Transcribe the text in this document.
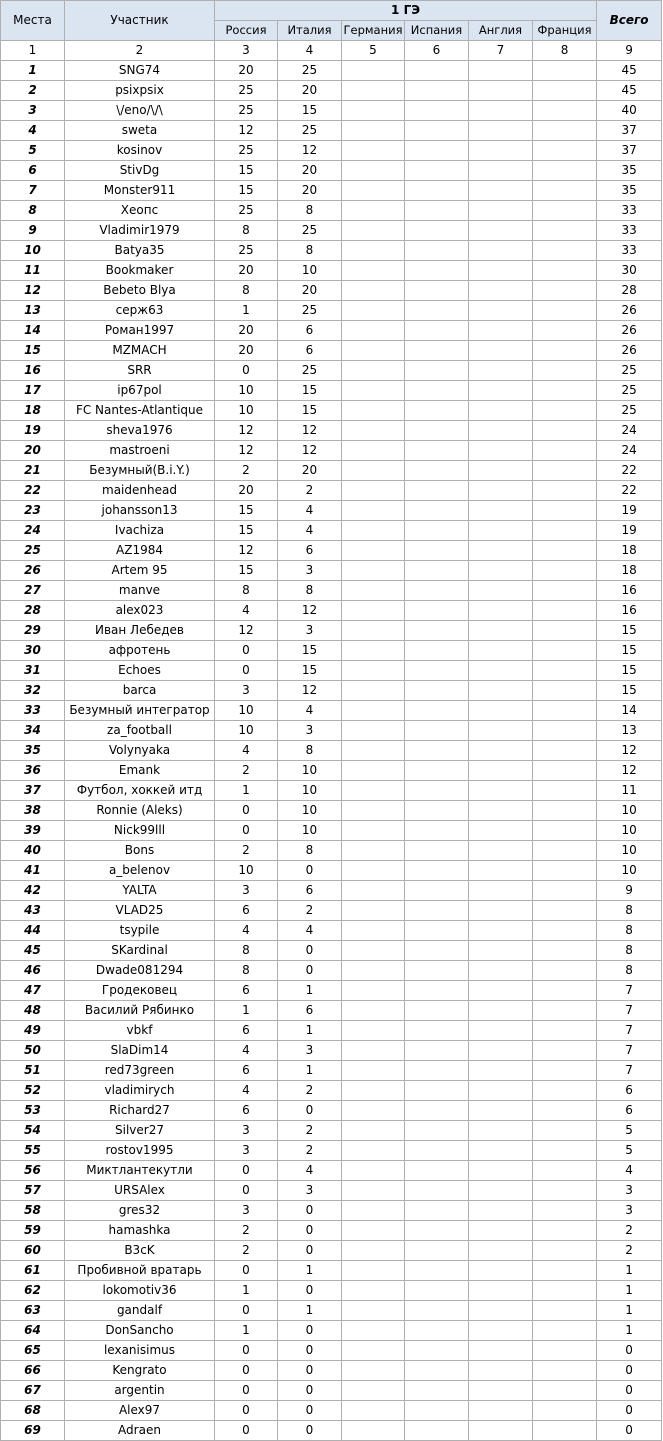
Места	Участник	1 ГЭ						Всего
		Россия	Италия	Германия	Испания	Англия	Франция	
1	2	3	4	5	6	7	8	9
1	SNG74	20	25					45
2	psixpsix	25	20					45
3	\/eno/\/\	25	15					40
4	sweta	12	25					37
5	kosinov	25	12					37
6	StivDg	15	20					35
7	Monster911	15	20					35
8	Хеопс	25	8					33
9	Vladimir1979	8	25					33
10	Batya35	25	8					33
11	Bookmaker	20	10					30
12	Bebeto Blya	8	20					28
13	серж63	1	25					26
14	Роман1997	20	6					26
15	MZMACH	20	6					26
16	SRR	0	25					25
17	ip67pol	10	15					25
18	FC Nantes-Atlantique	10	15					25
19	sheva1976	12	12					24
20	mastroeni	12	12					24
21	Безумный(B.i.Y.)	2	20					22
22	maidenhead	20	2					22
23	johansson13	15	4					19
24	Ivachiza	15	4					19
25	AZ1984	12	6					18
26	Artem 95	15	3					18
27	manve	8	8					16
28	alex023	4	12					16
29	Иван Лебедев	12	3					15
30	афротень	0	15					15
31	Echoes	0	15					15
32	barca	3	12					15
33	Безумный интегратор	10	4					14
34	za_football	10	3					13
35	Volynyaka	4	8					12
36	Emank	2	10					12
37	Футбол, хоккей итд	1	10					11
38	Ronnie (Aleks)	0	10					10
39	Nick99lll	0	10					10
40	Bons	2	8					10
41	a_belenov	10	0					10
42	YALTA	3	6					9
43	VLAD25	6	2					8
44	tsypile	4	4					8
45	SKardinal	8	0					8
46	Dwade081294	8	0					8
47	Гродековец	6	1					7
48	Василий Рябинко	1	6					7
49	vbkf	6	1					7
50	SlaDim14	4	3					7
51	red73green	6	1					7
52	vladimirych	4	2					6
53	Richard27	6	0					6
54	Silver27	3	2					5
55	rostov1995	3	2					5
56	Миктлантекутли	0	4					4
57	URSAlex	0	3					3
58	gres32	3	0					3
59	hamashka	2	0					2
60	B3cK	2	0					2
61	Пробивной вратарь	0	1					1
62	lokomotiv36	1	0					1
63	gandalf	0	1					1
64	DonSancho	1	0					1
65	lexanisimus	0	0					0
66	Kengrato	0	0					0
67	argentin	0	0					0
68	Alex97	0	0					0
69	Adraen	0	0					0
